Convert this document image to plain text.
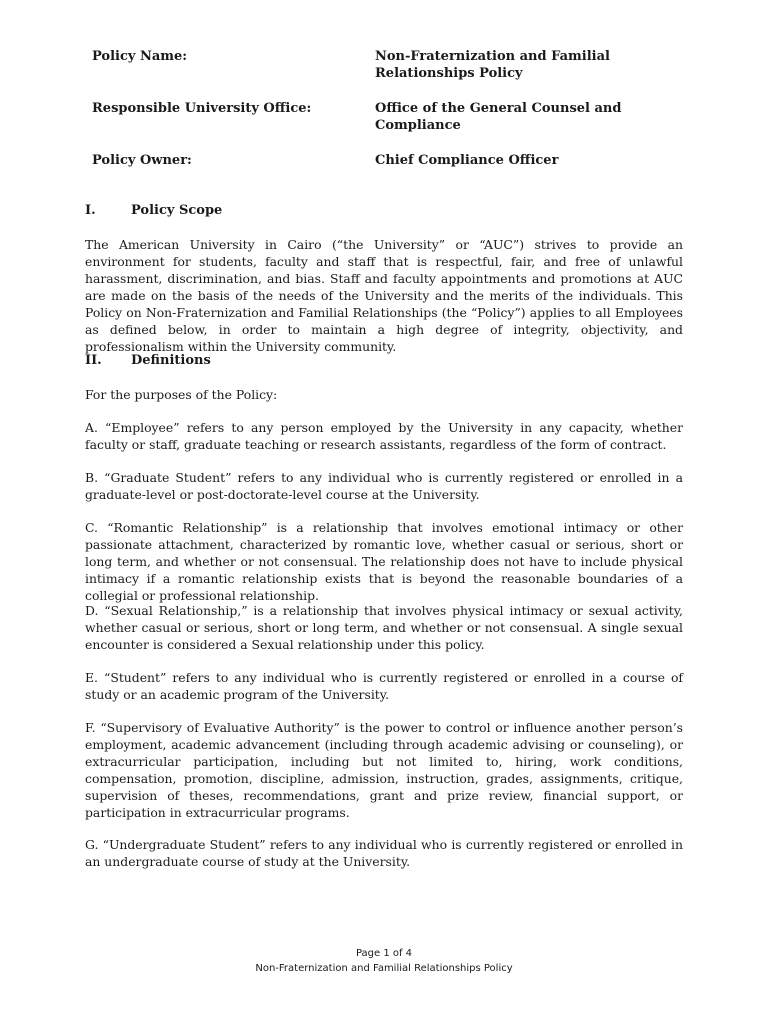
Policy Name:	Non-Fraternization and Familial Relationships Policy
Responsible University Office:	Office of the General Counsel and Compliance
Policy Owner:	Chief Compliance Officer
I.	Policy Scope

The American University in Cairo (“the University” or “AUC”) strives to provide an environment for students, faculty and staff that is respectful, fair, and free of unlawful harassment, discrimination, and bias. Staff and faculty appointments and promotions at AUC are made on the basis of the needs of the University and the merits of the individuals. This Policy on Non-Fraternization and Familial Relationships (the “Policy”) applies to all Employees as defined below, in order to maintain a high degree of integrity, objectivity, and professionalism within the University community.

II. Definitions

For the purposes of the Policy:

A. “Employee” refers to any person employed by the University in any capacity, whether faculty or staff, graduate teaching or research assistants, regardless of the form of contract.

B. “Graduate Student” refers to any individual who is currently registered or enrolled in a graduate-level or post-doctorate-level course at the University.

C. “Romantic Relationship” is a relationship that involves emotional intimacy or other passionate attachment, characterized by romantic love, whether casual or serious, short or long term, and whether or not consensual. The relationship does not have to include physical intimacy if a romantic relationship exists that is beyond the reasonable boundaries of a collegial or professional relationship.

D. “Sexual Relationship,” is a relationship that involves physical intimacy or sexual activity, whether casual or serious, short or long term, and whether or not consensual. A single sexual encounter is considered a Sexual relationship under this policy.

E. “Student” refers to any individual who is currently registered or enrolled in a course of study or an academic program of the University.

F. “Supervisory of Evaluative Authority” is the power to control or influence another person’s employment, academic advancement (including through academic advising or counseling), or extracurricular participation, including but not limited to, hiring, work conditions, compensation, promotion, discipline, admission, instruction, grades, assignments, critique, supervision of theses, recommendations, grant and prize review, financial support, or participation in extracurricular programs.

G. “Undergraduate Student” refers to any individual who is currently registered or enrolled in an undergraduate course of study at the University.

Page 1 of 4
Non-Fraternization and Familial Relationships Policy
